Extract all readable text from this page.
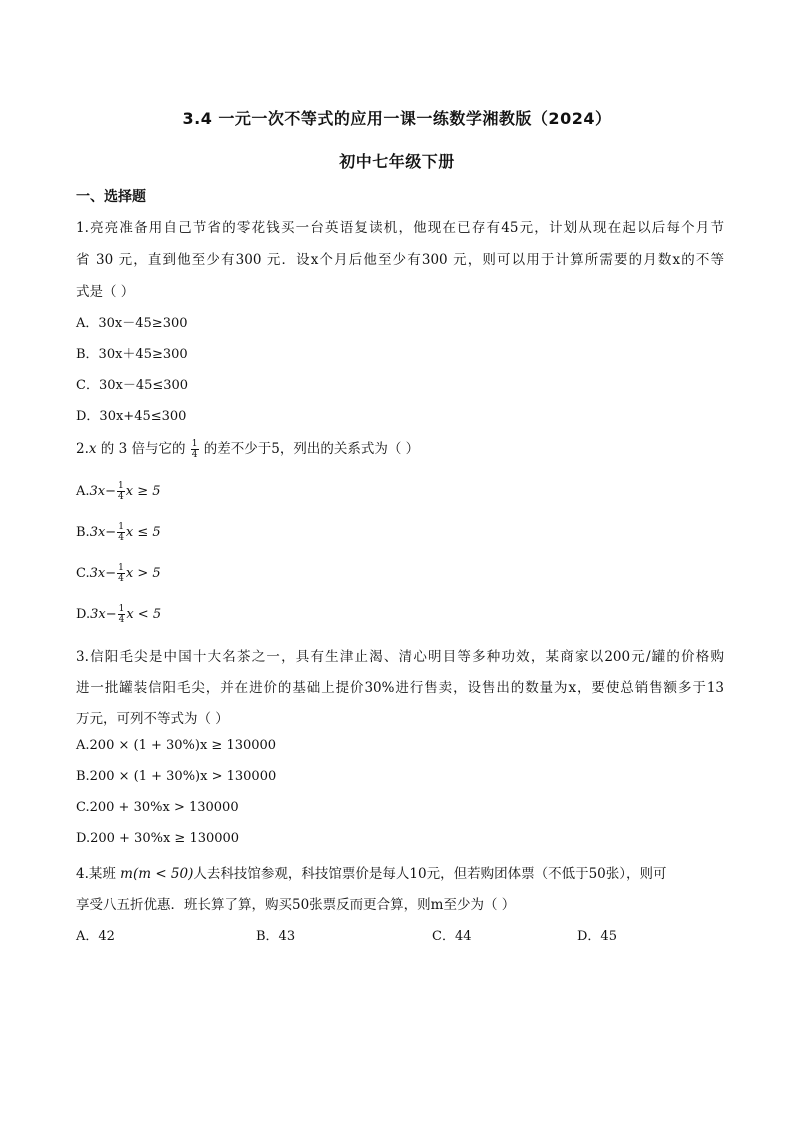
3.4 一元一次不等式的应用一课一练数学湘教版（2024）
初中七年级下册
一、选择题
1.亮亮准备用自己节省的零花钱买一台英语复读机，他现在已存有45元，计划从现在起以后每个月节
省 30 元，直到他至少有300 元．设x个月后他至少有300 元，则可以用于计算所需要的月数x的不等
式是（ ）
A．30x－45≥300
B．30x＋45≥300
C．30x－45≤300
D．30x+45≤300
2.x 的 3 倍与它的 $\frac{1}{4}$ 的差不少于5，列出的关系式为（ ）
$A.3x- \frac{1}{4}$ x ≥ 5
$B.3x- \frac{1}{4}$ x ≤ 5
$C.3x- \frac{1}{4}$ x > 5
$D.3x- \frac{1}{4}$ x < 5
3.信阳毛尖是中国十大名茶之一，具有生津止渴、清心明目等多种功效，某商家以200元/罐的价格购
进一批罐装信阳毛尖，并在进价的基础上提价30%进行售卖，设售出的数量为x，要使总销售额多于13
万元，可列不等式为（ ）
A.200 × (1 + 30%)x ≥ 130000
B.200 × (1 + 30%)x > 130000
C.200 + 30%x > 130000
D.200 + 30%x ≥ 130000
4.某班 m(m < 50)人去科技馆参观，科技馆票价是每人10元，但若购团体票（不低于50张），则可
享受八五折优惠．班长算了算，购买50张票反而更合算，则m至少为（ ）
A．42	B．43	C．44	D．45
